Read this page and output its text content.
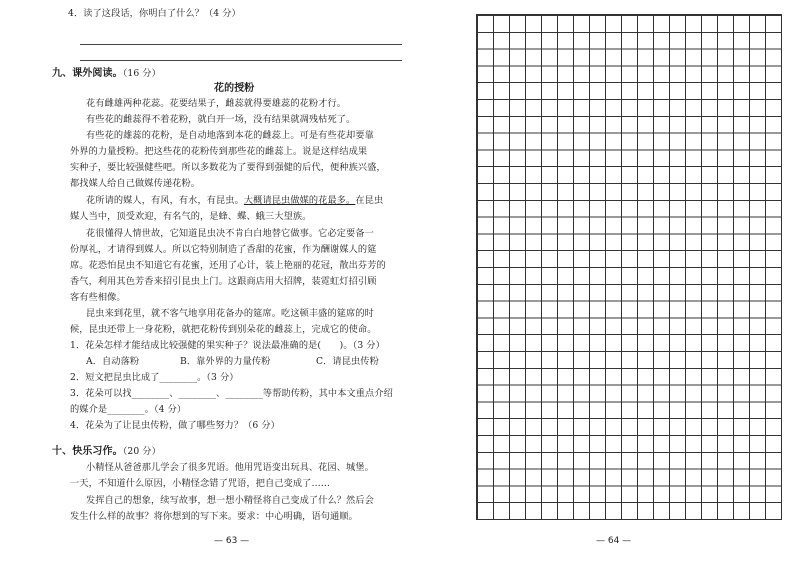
4．读了这段话，你明白了什么？（4 分）
九、课外阅读。（16 分）
花的授粉
花有雌雄两种花蕊。花要结果子，雌蕊就得要雄蕊的花粉才行。
有些花的雌蕊得不着花粉，就白开一场，没有结果就凋残枯死了。
有些花的雄蕊的花粉，是自动地落到本花的雌蕊上。可是有些花却要靠
外界的力量授粉。把这些花的花粉传到那些花的雌蕊上。说是这样结成果
实种子，要比较强健些吧。所以多数花为了要得到强健的后代，便种族兴盛，
都找媒人给自己做媒传递花粉。
花所请的媒人，有风，有水，有昆虫。大概请昆虫做媒的花最多。在昆虫
媒人当中，顶受欢迎，有名气的，是蜂、蝶、蛾三大望族。
花很懂得人情世故，它知道昆虫决不肯白白地替它做事。它必定要备一
份厚礼，才请得到媒人。所以它特别制造了香甜的花蜜，作为酬谢媒人的筵
席。花恐怕昆虫不知道它有花蜜，还用了心计，装上艳丽的花冠，散出芬芳的
香气，利用其色芳香来招引昆虫上门。这跟商店用大招牌，装霓虹灯招引顾
客有些相像。
昆虫来到花里，就不客气地享用花备办的筵席。吃这顿丰盛的筵席的时
候，昆虫还带上一身花粉，就把花粉传到别朵花的雌蕊上，完成它的使命。
1．花朵怎样才能结成比较强健的果实种子？说法最准确的是(　　)。（3 分）
A．自动落粉	B．靠外界的力量传粉	C．请昆虫传粉
2．短文把昆虫比成了________。（3 分）
3．花朵可以找________、________、________等帮助传粉，其中本文重点介绍
的媒介是________。（4 分）
4．花朵为了让昆虫传粉，做了哪些努力？（6 分）
十、快乐习作。（20 分）
小精怪从爸爸那儿学会了很多咒语。他用咒语变出玩具、花园、城堡。
一天，不知道什么原因，小精怪念错了咒语，把自己变成了……
发挥自己的想象，续写故事，想一想小精怪将自己变成了什么？然后会
发生什么样的故事？将你想到的写下来。要求：中心明确，语句通顺。
— 63 —	— 64 —
